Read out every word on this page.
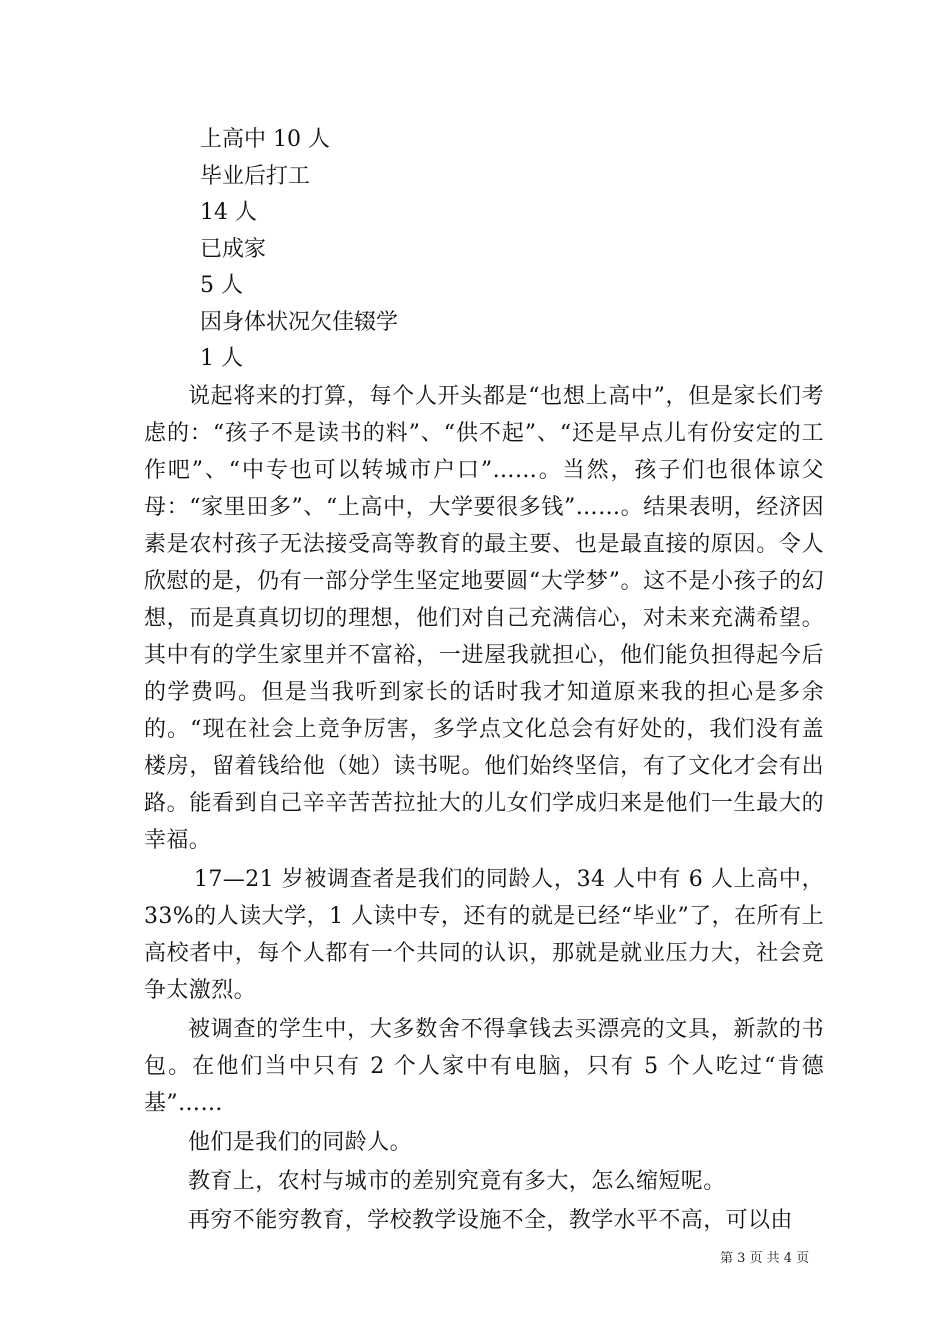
上高中 10 人
毕业后打工
14 人
已成家
5 人
因身体状况欠佳辍学
1 人

说起将来的打算，每个人开头都是“也想上高中”，但是家长们考虑的：“孩子不是读书的料”、“供不起”、“还是早点儿有份安定的工作吧”、“中专也可以转城市户口”……。当然，孩子们也很体谅父母：“家里田多”、“上高中，大学要很多钱”……。结果表明，经济因素是农村孩子无法接受高等教育的最主要、也是最直接的原因。令人欣慰的是，仍有一部分学生坚定地要圆“大学梦”。这不是小孩子的幻想，而是真真切切的理想，他们对自己充满信心，对未来充满希望。其中有的学生家里并不富裕，一进屋我就担心，他们能负担得起今后的学费吗。但是当我听到家长的话时我才知道原来我的担心是多余的。“现在社会上竞争厉害，多学点文化总会有好处的，我们没有盖楼房，留着钱给他（她）读书呢。他们始终坚信，有了文化才会有出路。能看到自己辛辛苦苦拉扯大的儿女们学成归来是他们一生最大的幸福。

17—21 岁被调查者是我们的同龄人，34 人中有 6 人上高中，33%的人读大学，1 人读中专，还有的就是已经“毕业”了，在所有上高校者中，每个人都有一个共同的认识，那就是就业压力大，社会竞争太激烈。

被调查的学生中，大多数舍不得拿钱去买漂亮的文具，新款的书包。在他们当中只有 2 个人家中有电脑，只有 5 个人吃过“肯德基”……

他们是我们的同龄人。

教育上，农村与城市的差别究竟有多大，怎么缩短呢。

再穷不能穷教育，学校教学设施不全，教学水平不高，可以由

第 3 页 共 4 页
